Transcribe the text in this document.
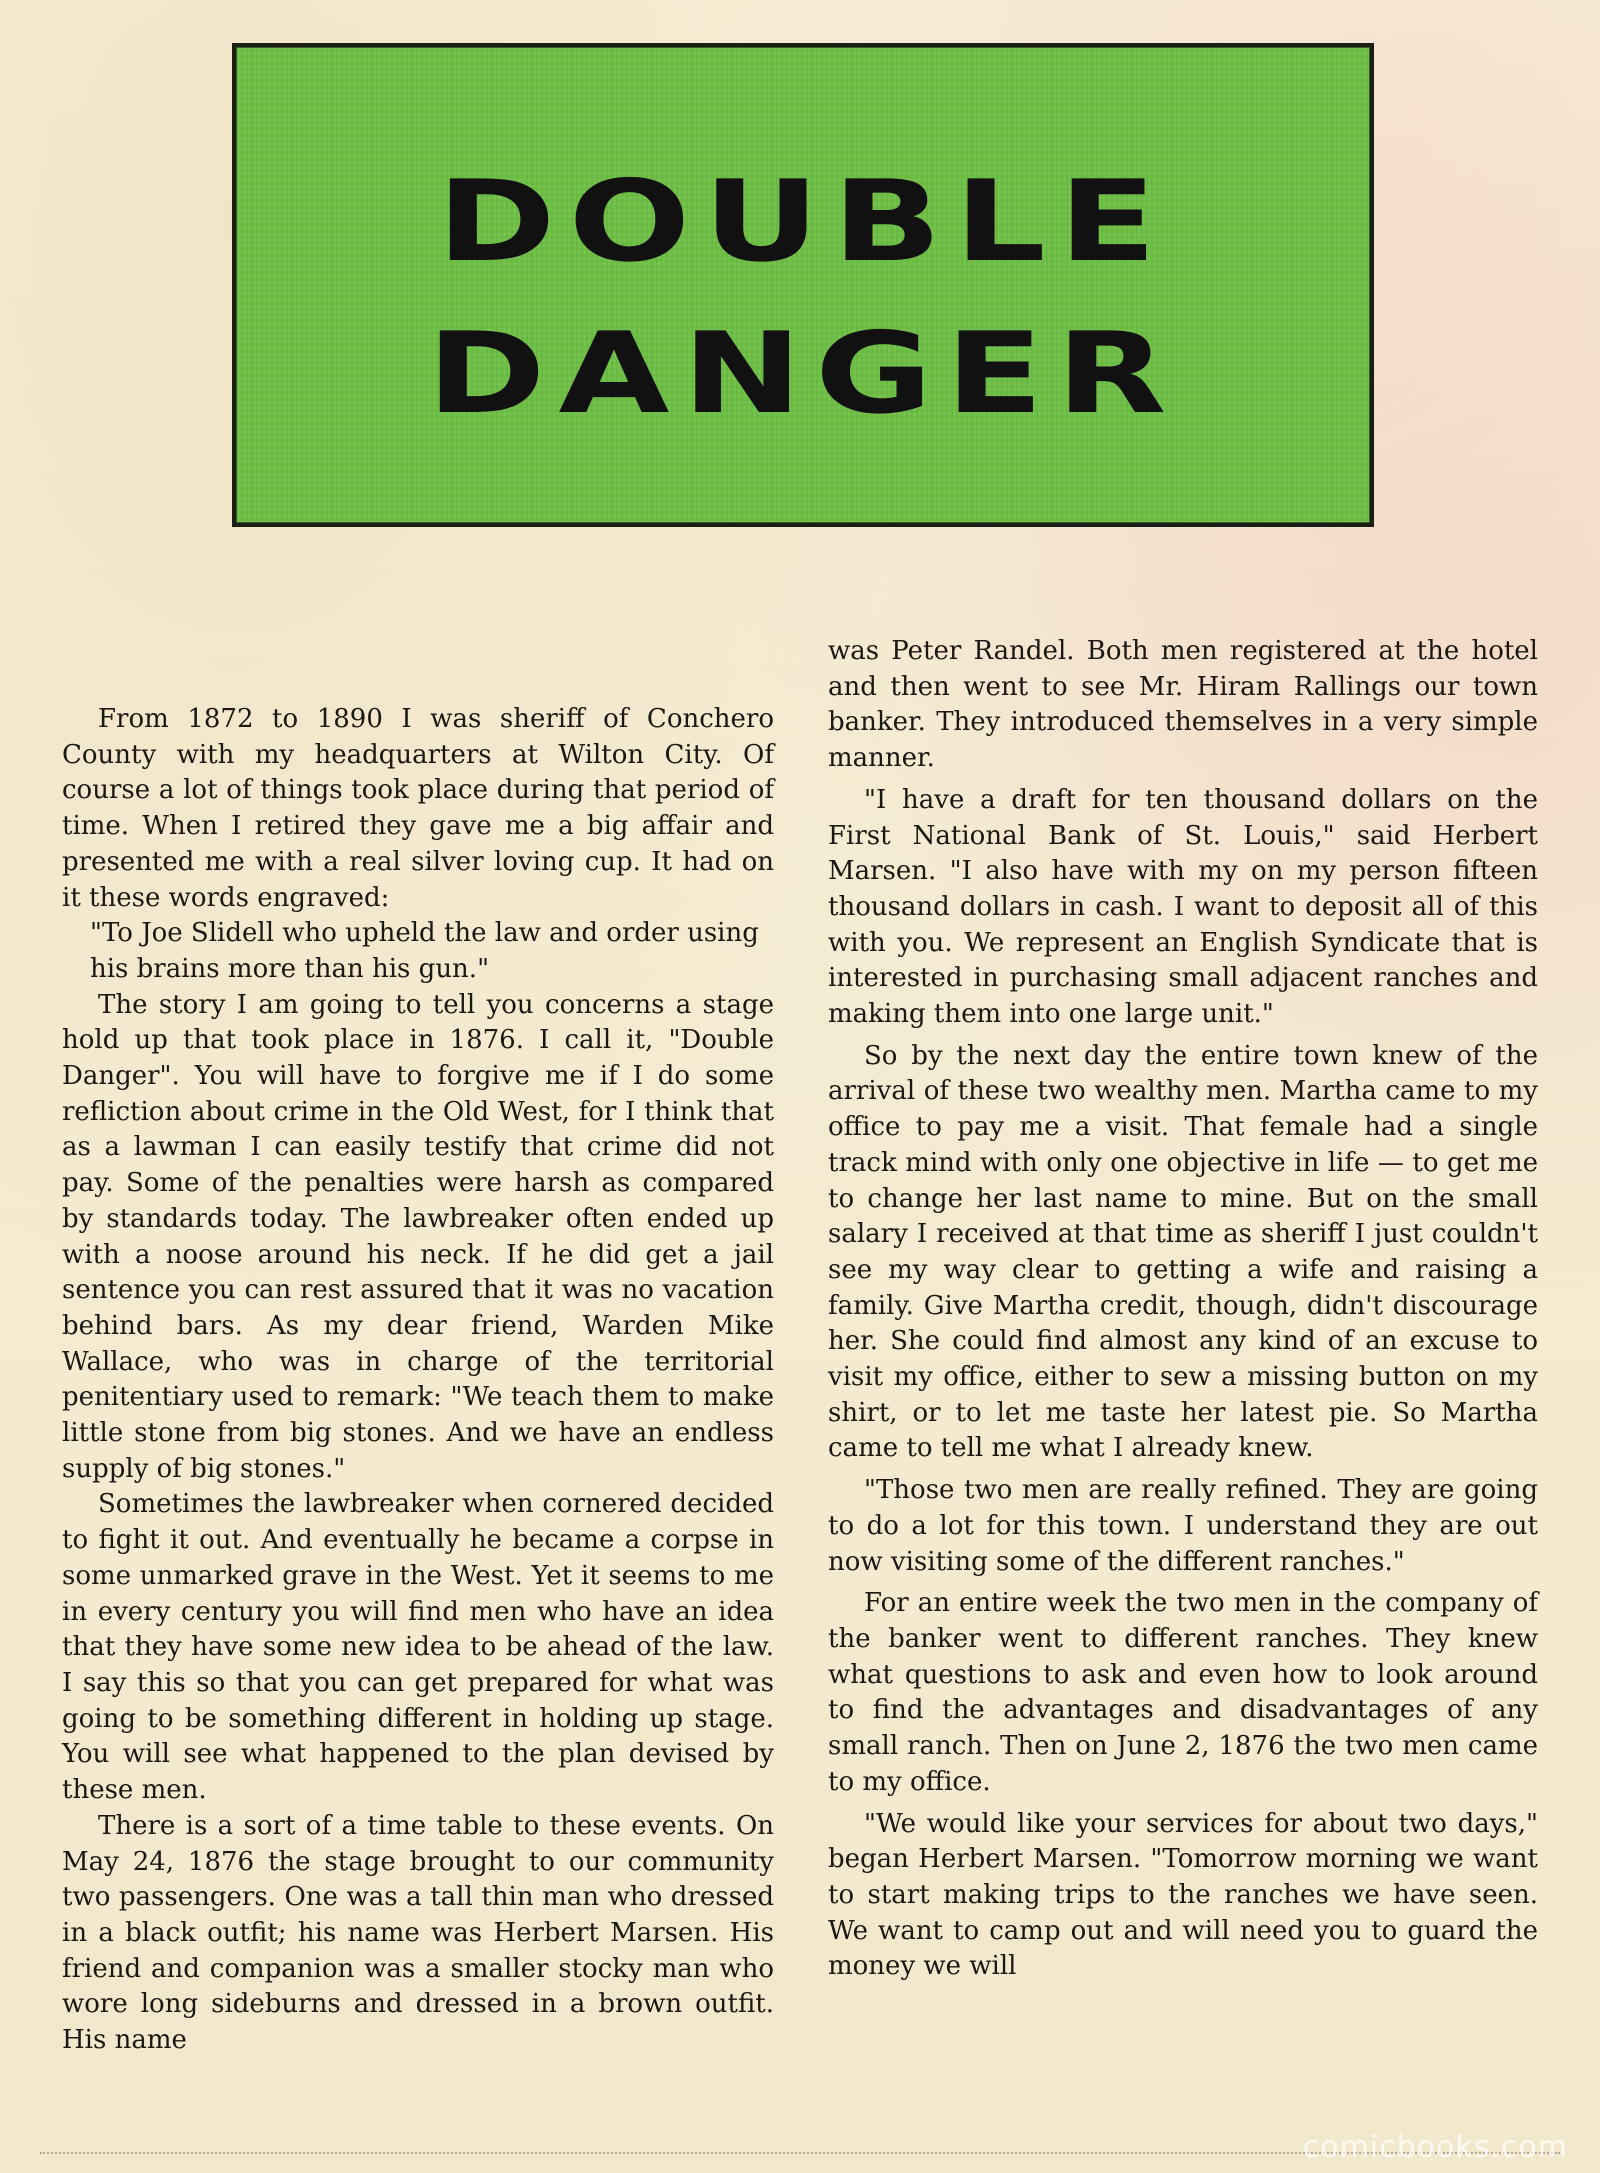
DOUBLE
DANGER

From 1872 to 1890 I was sheriff of Conchero County with my headquarters at Wilton City. Of course a lot of things took place during that period of time. When I retired they gave me a big affair and presented me with a real silver loving cup. It had on it these words engraved:

"To Joe Slidell who upheld the law and order using his brains more than his gun."

The story I am going to tell you concerns a stage hold up that took place in 1876. I call it, "Double Danger". You will have to forgive me if I do some refliction about crime in the Old West, for I think that as a lawman I can easily testify that crime did not pay. Some of the penalties were harsh as compared by standards today. The lawbreaker often ended up with a noose around his neck. If he did get a jail sentence you can rest assured that it was no vacation behind bars. As my dear friend, Warden Mike Wallace, who was in charge of the territorial penitentiary used to remark: "We teach them to make little stone from big stones. And we have an endless supply of big stones."

Sometimes the lawbreaker when cornered decided to fight it out. And eventually he became a corpse in some unmarked grave in the West. Yet it seems to me in every century you will find men who have an idea that they have some new idea to be ahead of the law. I say this so that you can get prepared for what was going to be something different in holding up stage. You will see what happened to the plan devised by these men.

There is a sort of a time table to these events. On May 24, 1876 the stage brought to our community two passengers. One was a tall thin man who dressed in a black outfit; his name was Herbert Marsen. His friend and companion was a smaller stocky man who wore long sideburns and dressed in a brown outfit. His name

was Peter Randel. Both men registered at the hotel and then went to see Mr. Hiram Rallings our town banker. They introduced themselves in a very simple manner.

"I have a draft for ten thousand dollars on the First National Bank of St. Louis," said Herbert Marsen. "I also have with my on my person fifteen thousand dollars in cash. I want to deposit all of this with you. We represent an English Syndicate that is interested in purchasing small adjacent ranches and making them into one large unit."

So by the next day the entire town knew of the arrival of these two wealthy men. Martha came to my office to pay me a visit. That female had a single track mind with only one objective in life — to get me to change her last name to mine. But on the small salary I received at that time as sheriff I just couldn't see my way clear to getting a wife and raising a family. Give Martha credit, though, didn't discourage her. She could find almost any kind of an excuse to visit my office, either to sew a missing button on my shirt, or to let me taste her latest pie. So Martha came to tell me what I already knew.

"Those two men are really refined. They are going to do a lot for this town. I understand they are out now visiting some of the different ranches."

For an entire week the two men in the company of the banker went to different ranches. They knew what questions to ask and even how to look around to find the advantages and disadvantages of any small ranch. Then on June 2, 1876 the two men came to my office.

"We would like your services for about two days," began Herbert Marsen. "Tomorrow morning we want to start making trips to the ranches we have seen. We want to camp out and will need you to guard the money we will

comicbooks.com
